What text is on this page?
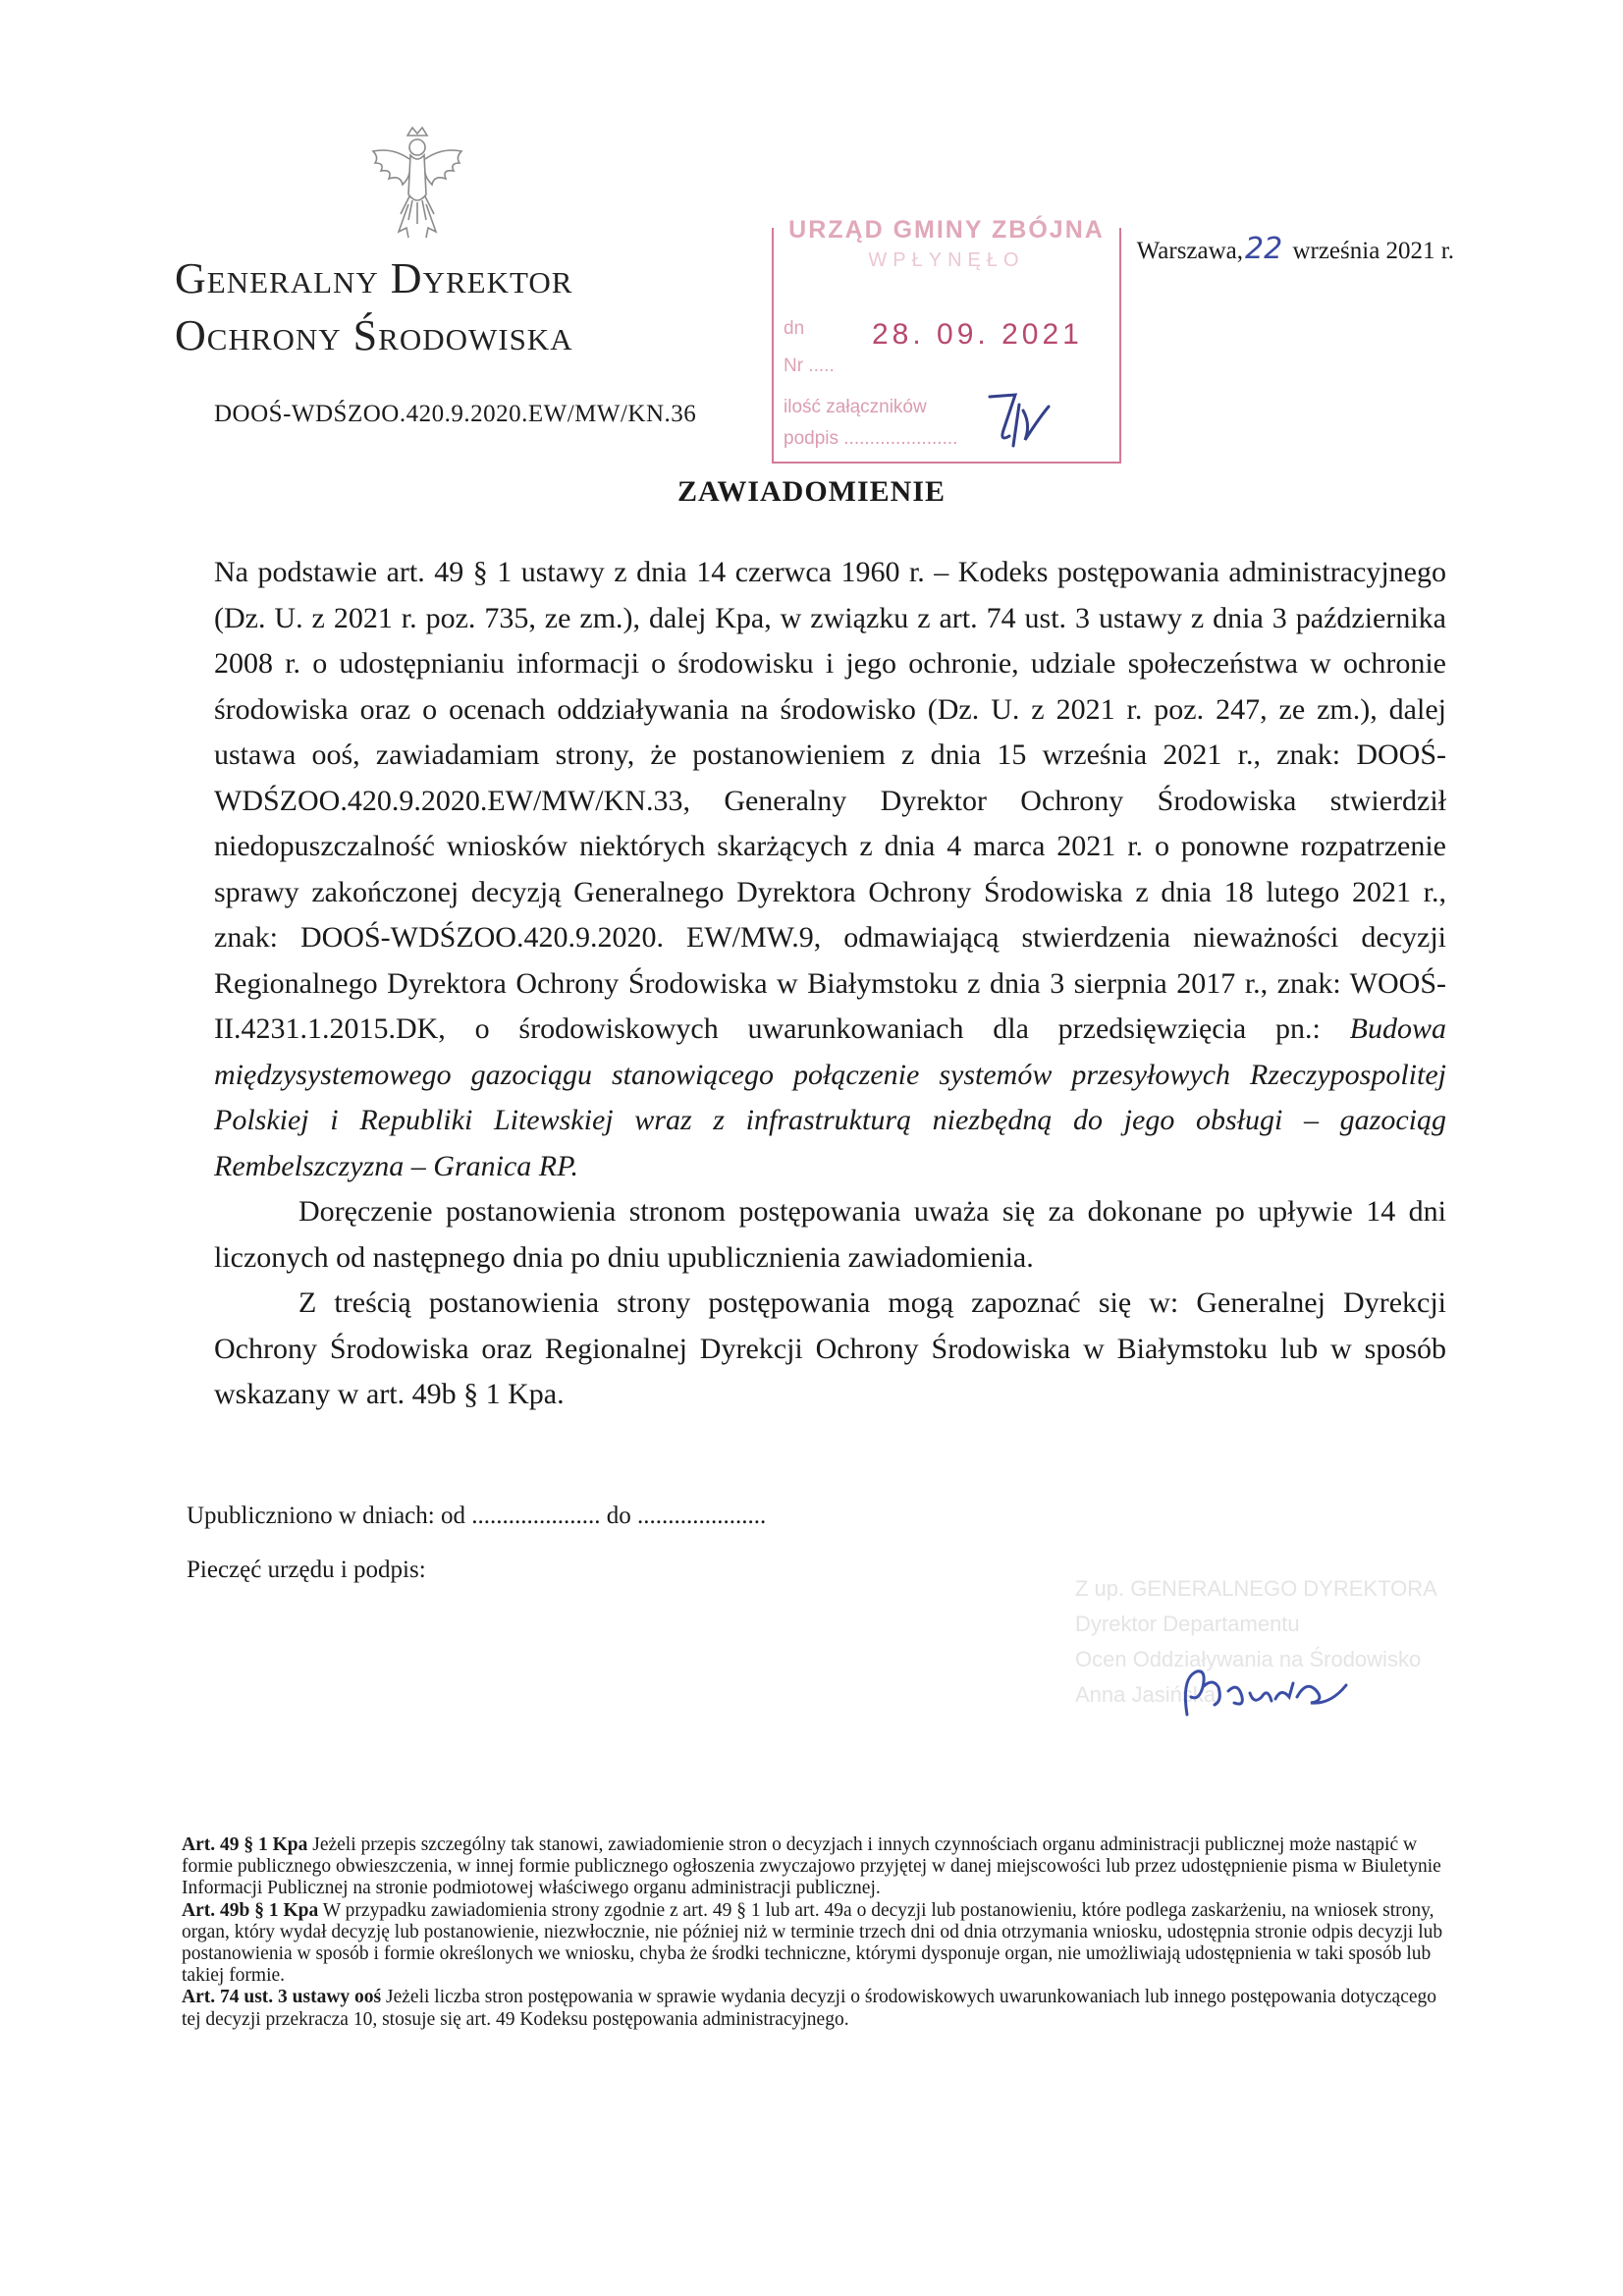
Generalny Dyrektor
Ochrony Środowiska
DOOŚ-WDŚZOO.420.9.2020.EW/MW/KN.36
Warszawa,22 września 2021 r.
URZĄD GMINY ZBÓJNA
WPŁYNĘŁO
dn 28. 09. 2021
Nr .....
ilość załączników
podpis ......................
ZAWIADOMIENIE

Na podstawie art. 49 § 1 ustawy z dnia 14 czerwca 1960 r. – Kodeks postępowania administracyjnego (Dz. U. z 2021 r. poz. 735, ze zm.), dalej Kpa, w związku z art. 74 ust. 3 ustawy z dnia 3 października 2008 r. o udostępnianiu informacji o środowisku i jego ochronie, udziale społeczeństwa w ochronie środowiska oraz o ocenach oddziaływania na środowisko (Dz. U. z 2021 r. poz. 247, ze zm.), dalej ustawa ooś, zawiadamiam strony, że postanowieniem z dnia 15 września 2021 r., znak: DOOŚ-WDŚZOO.420.9.2020.EW/MW/KN.33, Generalny Dyrektor Ochrony Środowiska stwierdził niedopuszczalność wniosków niektórych skarżących z dnia 4 marca 2021 r. o ponowne rozpatrzenie sprawy zakończonej decyzją Generalnego Dyrektora Ochrony Środowiska z dnia 18 lutego 2021 r., znak: DOOŚ-WDŚZOO.420.9.2020. EW/MW.9, odmawiającą stwierdzenia nieważności decyzji Regionalnego Dyrektora Ochrony Środowiska w Białymstoku z dnia 3 sierpnia 2017 r., znak: WOOŚ-II.4231.1.2015.DK, o środowiskowych uwarunkowaniach dla przedsięwzięcia pn.: Budowa międzysystemowego gazociągu stanowiącego połączenie systemów przesyłowych Rzeczypospolitej Polskiej i Republiki Litewskiej wraz z infrastrukturą niezbędną do jego obsługi – gazociąg Rembelszczyzna – Granica RP.

Doręczenie postanowienia stronom postępowania uważa się za dokonane po upływie 14 dni liczonych od następnego dnia po dniu upublicznienia zawiadomienia.

Z treścią postanowienia strony postępowania mogą zapoznać się w: Generalnej Dyrekcji Ochrony Środowiska oraz Regionalnej Dyrekcji Ochrony Środowiska w Białymstoku lub w sposób wskazany w art. 49b § 1 Kpa.

Upubliczniono w dniach: od ..................... do .....................
Pieczęć urzędu i podpis:
Z up. GENERALNEGO DYREKTORA
Dyrektor Departamentu
Ocen Oddziaływania na Środowisko
Anna Jasińska

Art. 49 § 1 Kpa Jeżeli przepis szczególny tak stanowi, zawiadomienie stron o decyzjach i innych czynnościach organu administracji publicznej może nastąpić w formie publicznego obwieszczenia, w innej formie publicznego ogłoszenia zwyczajowo przyjętej w danej miejscowości lub przez udostępnienie pisma w Biuletynie Informacji Publicznej na stronie podmiotowej właściwego organu administracji publicznej.

Art. 49b § 1 Kpa W przypadku zawiadomienia strony zgodnie z art. 49 § 1 lub art. 49a o decyzji lub postanowieniu, które podlega zaskarżeniu, na wniosek strony, organ, który wydał decyzję lub postanowienie, niezwłocznie, nie później niż w terminie trzech dni od dnia otrzymania wniosku, udostępnia stronie odpis decyzji lub postanowienia w sposób i formie określonych we wniosku, chyba że środki techniczne, którymi dysponuje organ, nie umożliwiają udostępnienia w taki sposób lub takiej formie.

Art. 74 ust. 3 ustawy ooś Jeżeli liczba stron postępowania w sprawie wydania decyzji o środowiskowych uwarunkowaniach lub innego postępowania dotyczącego tej decyzji przekracza 10, stosuje się art. 49 Kodeksu postępowania administracyjnego.
